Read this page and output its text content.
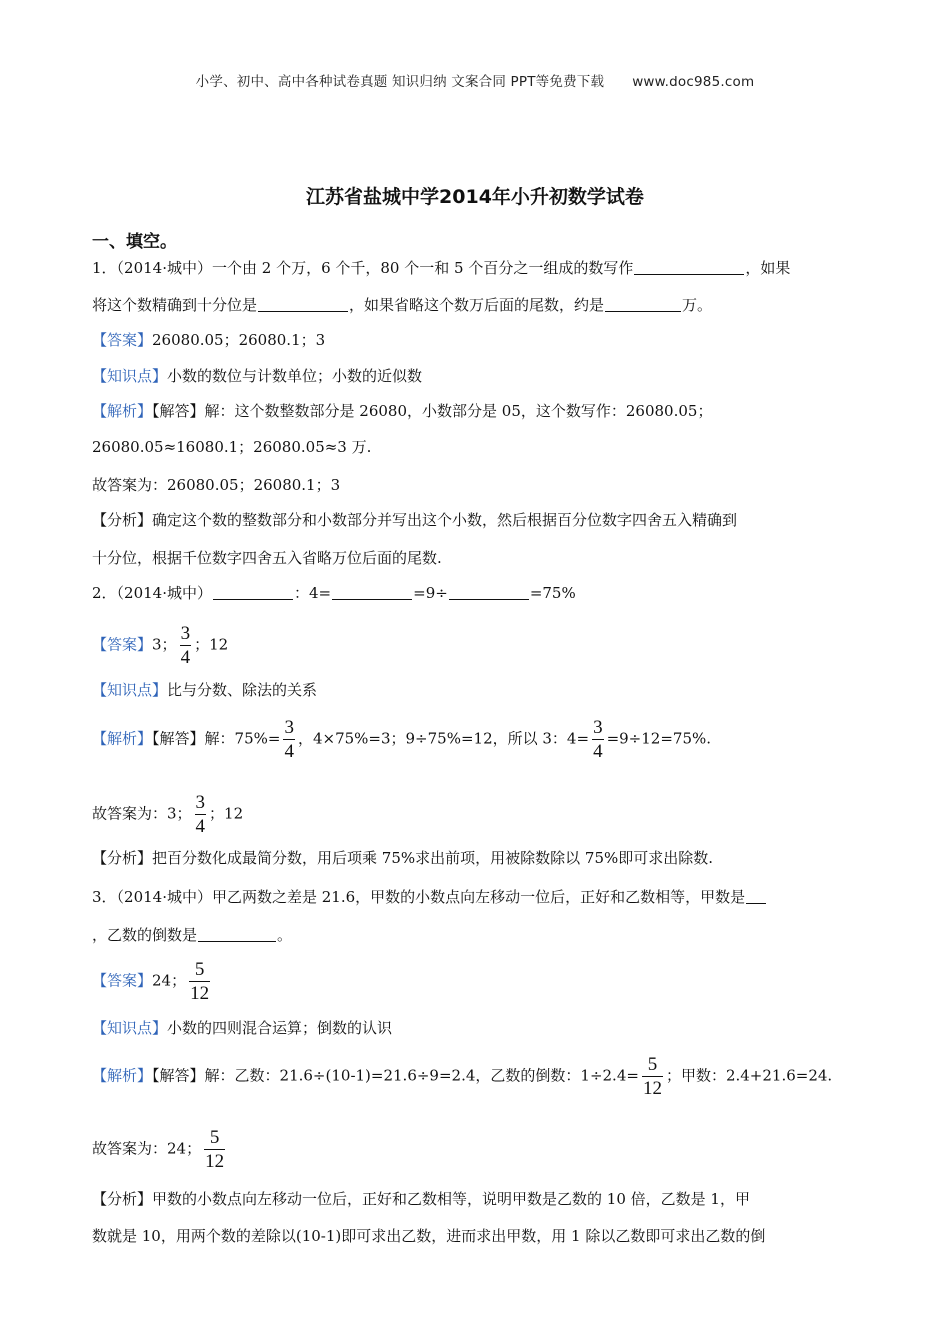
小学、初中、高中各种试卷真题 知识归纳 文案合同 PPT等免费下载 www.doc985.com
江苏省盐城中学2014年小升初数学试卷
一、填空。
1．（2014·城中）一个由 2 个万，6 个千，80 个一和 5 个百分之一组成的数写作	，如果
将这个数精确到十分位是	，如果省略这个数万后面的尾数，约是	万。
【答案】26080.05；26080.1；3
【知识点】小数的数位与计数单位；小数的近似数
【解析】【解答】解：这个数整数部分是 26080，小数部分是 05，这个数写作：26080.05；
26080.05≈16080.1；26080.05≈3 万.
故答案为：26080.05；26080.1；3
【分析】确定这个数的整数部分和小数部分并写出这个小数，然后根据百分位数字四舍五入精确到
十分位，根据千位数字四舍五入省略万位后面的尾数.
2．（2014·城中）	：4=	=9÷	=75%
【答案】3； $\frac{3}{4}$ ；12
【知识点】比与分数、除法的关系
【解析】【解答】解：$75\%= \frac{3}{4}$ ，4×75%=3；9÷75%=12，所以 3：$4= \frac{3}{4} =9\div 12=75\%$.
故答案为：3； $\frac{3}{4}$ ；12
【分析】把百分数化成最简分数，用后项乘 75%求出前项，用被除数除以 75%即可求出除数.
3．（2014·城中）甲乙两数之差是 21.6，甲数的小数点向左移动一位后，正好和乙数相等，甲数是
，乙数的倒数是	。
【答案】24； $\frac{5}{12}$
【知识点】小数的四则混合运算；倒数的认识
【解析】【解答】解：乙数：21.6÷(10-1)=21.6÷9=2.4，乙数的倒数：$1\div 2.4= \frac{5}{12}$ ；甲数：2.4+21.6=24.
故答案为：24； $\frac{5}{12}$
【分析】甲数的小数点向左移动一位后，正好和乙数相等，说明甲数是乙数的 10 倍，乙数是 1，甲
数就是 10，用两个数的差除以(10-1)即可求出乙数，进而求出甲数，用 1 除以乙数即可求出乙数的倒
